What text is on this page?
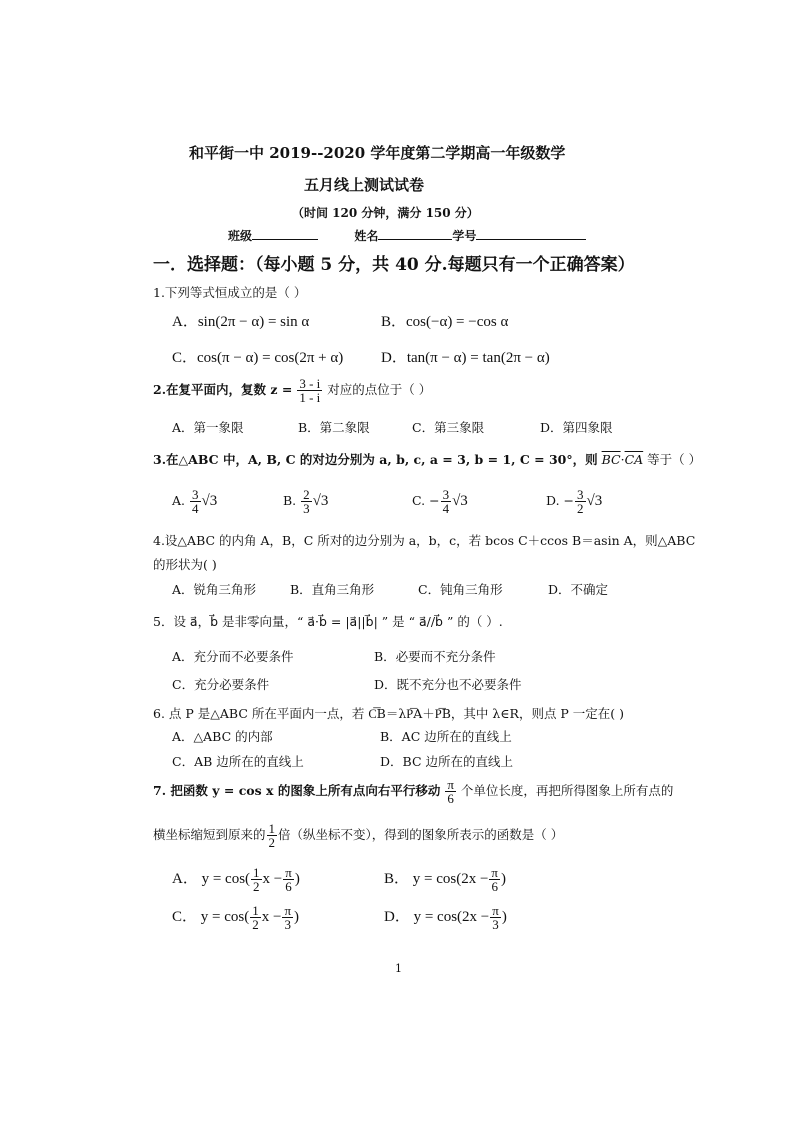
和平街一中 2019--2020 学年度第二学期高一年级数学
五月线上测试试卷
（时间 120 分钟，满分 150 分）
班级	姓名	学号
一．选择题：（每小题 5 分，共 40 分.每题只有一个正确答案）
1.下列等式恒成立的是（ ）
A．sin(2π − α) = sin α	B．cos(−α) = −cos α
C．cos(π − α) = cos(2π + α)	D．tan(π − α) = tan(2π − α)
2.在复平面内，复数 $z = \frac{3 - i}{1 - i}$ 对应的点位于（ ）
A．第一象限	B．第二象限	C．第三象限	D．第四象限
3.在△ABC 中，A, B, C 的对边分别为 a, b, c, a = 3, b = 1, C = 30°，则 $\overline{BC}\cdot\overline{CA}$ 等于（ ）
A. $\frac{3}{4} √3$	B. $\frac{2}{3} √3$	C. − $\frac{3}{4} √3$	D. − $\frac{3}{2} √3$
4.设△ABC 的内角 A，B，C 所对的边分别为 a，b，c，若 bcos C＋ccos B＝asin A，则△ABC
的形状为( )
A．锐角三角形	B．直角三角形	C．钝角三角形	D．不确定
5．设 a⃗，b⃗ 是非零向量，“ a⃗·b⃗ = |a⃗||b⃗| ” 是 “ a⃗//b⃗ ” 的（ ）.
A．充分而不必要条件	B．必要而不充分条件
C．充分必要条件	D．既不充分也不必要条件
6. 点 P 是△ABC 所在平面内一点，若 C͞B＝λP͞A＋P͞B，其中 λ∈R，则点 P 一定在( )
A．△ABC 的内部	B．AC 边所在的直线上
C．AB 边所在的直线上	D．BC 边所在的直线上
7. 把函数 y = cos x 的图象上所有点向右平行移动 $\frac{\pi}{6}$ 个单位长度，再把所得图象上所有点的
横坐标缩短到原来的 $\frac{1}{2}$ 倍（纵坐标不变），得到的图象所表示的函数是（ ）
A． $y = \cos( \frac{1}{2}$ $x - \frac{\pi}{6}$ )	B． $y = \cos(2x - \frac{\pi}{6}$ )
C． $y = \cos( \frac{1}{2}$ $x - \frac{\pi}{3}$ )	D． $y = \cos(2x - \frac{\pi}{3}$ )
1
